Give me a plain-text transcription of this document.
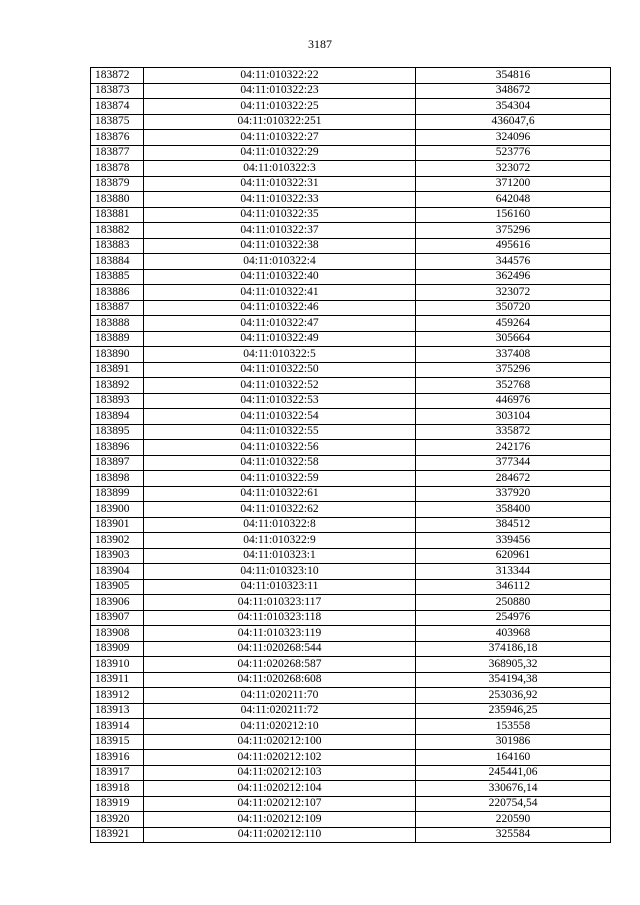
3187
183872	04:11:010322:22	354816
183873	04:11:010322:23	348672
183874	04:11:010322:25	354304
183875	04:11:010322:251	436047,6
183876	04:11:010322:27	324096
183877	04:11:010322:29	523776
183878	04:11:010322:3	323072
183879	04:11:010322:31	371200
183880	04:11:010322:33	642048
183881	04:11:010322:35	156160
183882	04:11:010322:37	375296
183883	04:11:010322:38	495616
183884	04:11:010322:4	344576
183885	04:11:010322:40	362496
183886	04:11:010322:41	323072
183887	04:11:010322:46	350720
183888	04:11:010322:47	459264
183889	04:11:010322:49	305664
183890	04:11:010322:5	337408
183891	04:11:010322:50	375296
183892	04:11:010322:52	352768
183893	04:11:010322:53	446976
183894	04:11:010322:54	303104
183895	04:11:010322:55	335872
183896	04:11:010322:56	242176
183897	04:11:010322:58	377344
183898	04:11:010322:59	284672
183899	04:11:010322:61	337920
183900	04:11:010322:62	358400
183901	04:11:010322:8	384512
183902	04:11:010322:9	339456
183903	04:11:010323:1	620961
183904	04:11:010323:10	313344
183905	04:11:010323:11	346112
183906	04:11:010323:117	250880
183907	04:11:010323:118	254976
183908	04:11:010323:119	403968
183909	04:11:020268:544	374186,18
183910	04:11:020268:587	368905,32
183911	04:11:020268:608	354194,38
183912	04:11:020211:70	253036,92
183913	04:11:020211:72	235946,25
183914	04:11:020212:10	153558
183915	04:11:020212:100	301986
183916	04:11:020212:102	164160
183917	04:11:020212:103	245441,06
183918	04:11:020212:104	330676,14
183919	04:11:020212:107	220754,54
183920	04:11:020212:109	220590
183921	04:11:020212:110	325584
